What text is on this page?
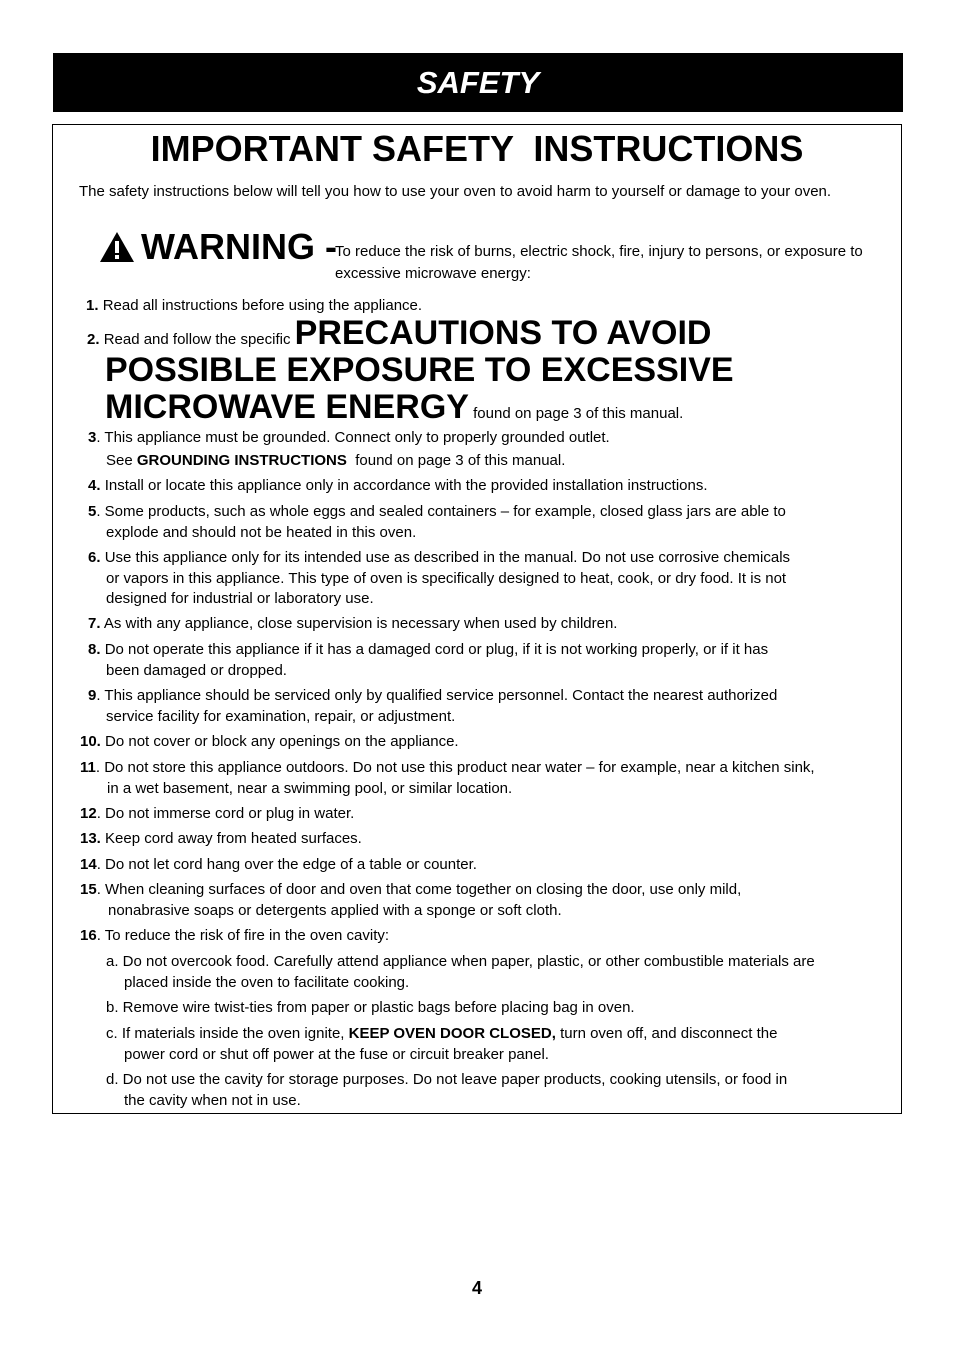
SAFETY
IMPORTANT SAFETY  INSTRUCTIONS
The safety instructions below will tell you how to use your oven to avoid harm to yourself or damage to your oven.
WARNING -
To reduce the risk of burns, electric shock, fire, injury to persons, or exposure to excessive microwave energy:
1. Read all instructions before using the appliance.
2. Read and follow the specific PRECAUTIONS TO AVOID
POSSIBLE EXPOSURE TO EXCESSIVE
MICROWAVE ENERGY found on page 3 of this manual.
3. This appliance must be grounded. Connect only to properly grounded outlet.
See GROUNDING INSTRUCTIONS found on page 3 of this manual.
4. Install or locate this appliance only in accordance with the provided installation instructions.
5. Some products, such as whole eggs and sealed containers – for example, closed glass jars are able to
explode and should not be heated in this oven.
6. Use this appliance only for its intended use as described in the manual. Do not use corrosive chemicals
or vapors in this appliance. This type of oven is specifically designed to heat, cook, or dry food. It is not
designed for industrial or laboratory use.
7. As with any appliance, close supervision is necessary when used by children.
8. Do not operate this appliance if it has a damaged cord or plug, if it is not working properly, or if it has
been damaged or dropped.
9. This appliance should be serviced only by qualified service personnel. Contact the nearest authorized
service facility for examination, repair, or adjustment.
10. Do not cover or block any openings on the appliance.
11. Do not store this appliance outdoors. Do not use this product near water – for example, near a kitchen sink,
in a wet basement, near a swimming pool, or similar location.
12. Do not immerse cord or plug in water.
13. Keep cord away from heated surfaces.
14. Do not let cord hang over the edge of a table or counter.
15. When cleaning surfaces of door and oven that come together on closing the door, use only mild,
nonabrasive soaps or detergents applied with a sponge or soft cloth.
16. To reduce the risk of fire in the oven cavity:
a. Do not overcook food. Carefully attend appliance when paper, plastic, or other combustible materials are
placed inside the oven to facilitate cooking.
b. Remove wire twist-ties from paper or plastic bags before placing bag in oven.
c. If materials inside the oven ignite, KEEP OVEN DOOR CLOSED, turn oven off, and disconnect the
power cord or shut off power at the fuse or circuit breaker panel.
d. Do not use the cavity for storage purposes. Do not leave paper products, cooking utensils, or food in
the cavity when not in use.
4
